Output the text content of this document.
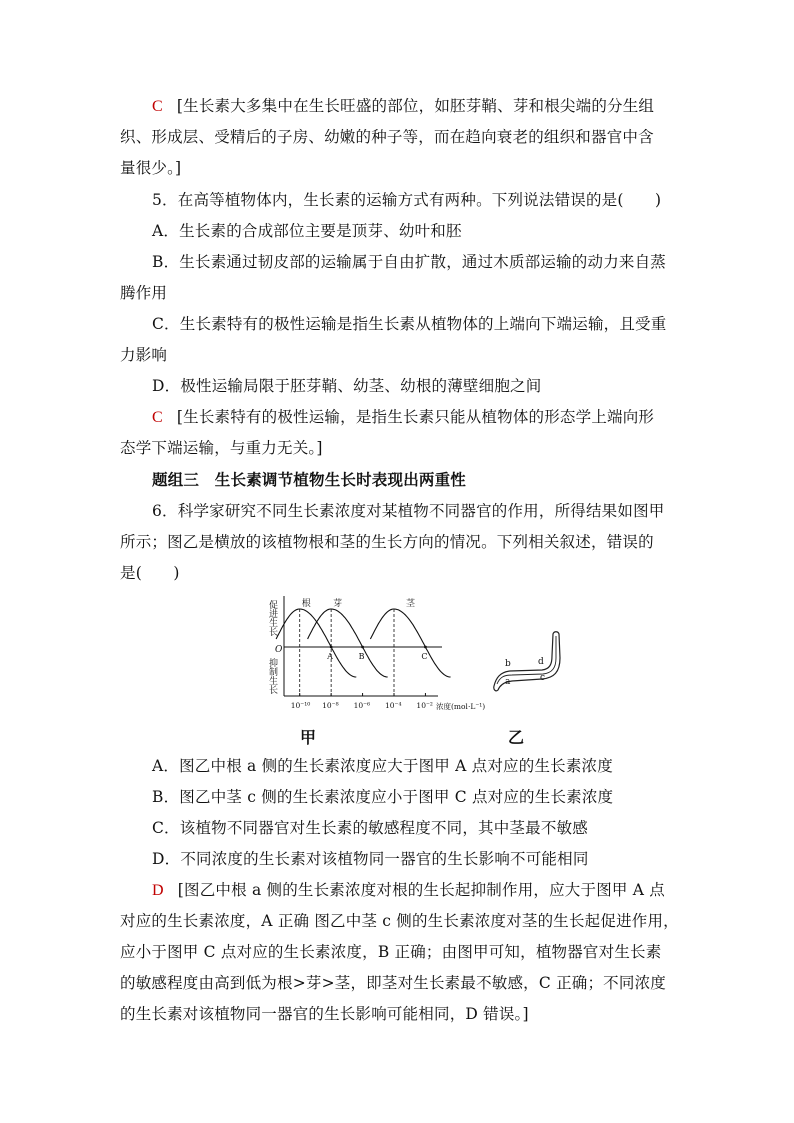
C [生长素大多集中在生长旺盛的部位，如胚芽鞘、芽和根尖端的分生组
织、形成层、受精后的子房、幼嫩的种子等，而在趋向衰老的组织和器官中含
量很少。]
5．在高等植物体内，生长素的运输方式有两种。下列说法错误的是(　　)
A．生长素的合成部位主要是顶芽、幼叶和胚
B．生长素通过韧皮部的运输属于自由扩散，通过木质部运输的动力来自蒸
腾作用
C．生长素特有的极性运输是指生长素从植物体的上端向下端运输，且受重
力影响
D．极性运输局限于胚芽鞘、幼茎、幼根的薄壁细胞之间
C [生长素特有的极性运输，是指生长素只能从植物体的形态学上端向形
态学下端运输，与重力无关。]
题组三　生长素调节植物生长时表现出两重性
6．科学家研究不同生长素浓度对某植物不同器官的作用，所得结果如图甲
所示；图乙是横放的该植物根和茎的生长方向的情况。下列相关叙述，错误的
是(　　)
促进生长
抑制生长
O
10⁻¹⁰ 10⁻⁸ 10⁻⁶ 10⁻⁴ 10⁻² 浓度(mol·L⁻¹)
根 芽	茎
A	B	C
甲
b
a
d
c
乙
A．图乙中根 a 侧的生长素浓度应大于图甲 A 点对应的生长素浓度
B．图乙中茎 c 侧的生长素浓度应小于图甲 C 点对应的生长素浓度
C．该植物不同器官对生长素的敏感程度不同，其中茎最不敏感
D．不同浓度的生长素对该植物同一器官的生长影响不可能相同
D [图乙中根 a 侧的生长素浓度对根的生长起抑制作用，应大于图甲 A 点
对应的生长素浓度，A 正确 图乙中茎 c 侧的生长素浓度对茎的生长起促进作用，
应小于图甲 C 点对应的生长素浓度，B 正确；由图甲可知，植物器官对生长素
的敏感程度由高到低为根>芽>茎，即茎对生长素最不敏感，C 正确；不同浓度
的生长素对该植物同一器官的生长影响可能相同，D 错误。]
